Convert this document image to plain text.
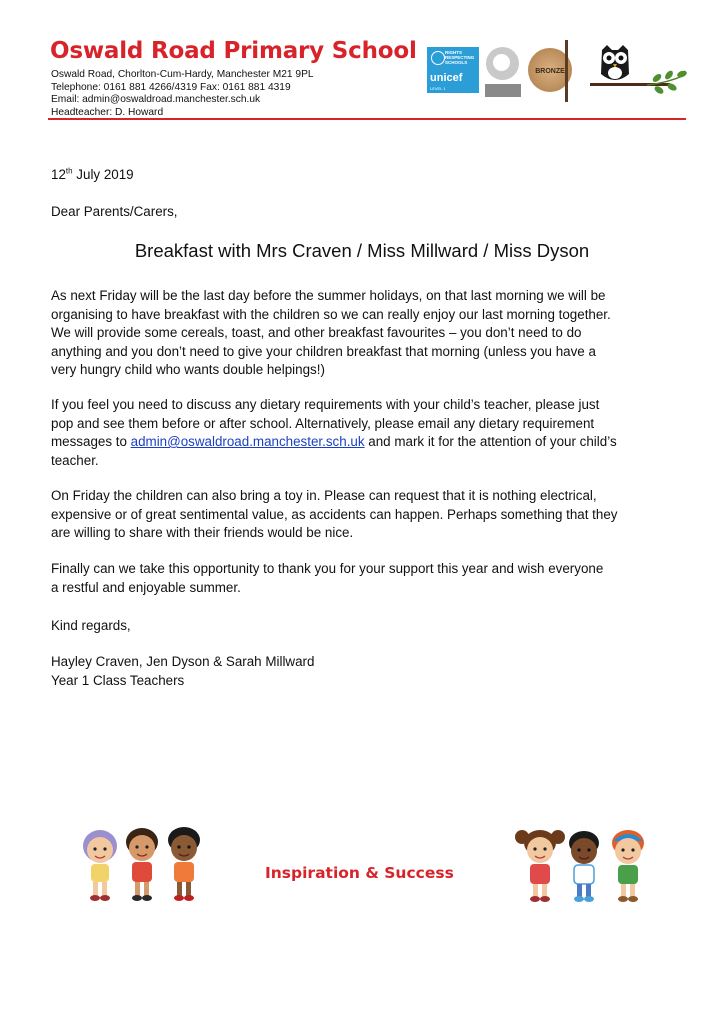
Oswald Road Primary School
Oswald Road, Chorlton-Cum-Hardy, Manchester M21 9PL
Telephone: 0161 881 4266/4319 Fax: 0161 881 4319
Email: admin@oswaldroad.manchester.sch.uk
Headteacher: D. Howard
RIGHTS RESPECTING SCHOOLS
unicef
LEVEL 1
BRONZE
12th July 2019
Dear Parents/Carers,
Breakfast with Mrs Craven / Miss Millward / Miss Dyson
As next Friday will be the last day before the summer holidays, on that last morning we will be
organising to have breakfast with the children so we can really enjoy our last morning together.
We will provide some cereals, toast, and other breakfast favourites – you don’t need to do
anything and you don’t need to give your children breakfast that morning (unless you have a
very hungry child who wants double helpings!)
If you feel you need to discuss any dietary requirements with your child’s teacher, please just
pop and see them before or after school. Alternatively, please email any dietary requirement
messages to admin@oswaldroad.manchester.sch.uk and mark it for the attention of your child’s
teacher.
On Friday the children can also bring a toy in. Please can request that it is nothing electrical,
expensive or of great sentimental value, as accidents can happen. Perhaps something that they
are willing to share with their friends would be nice.
Finally can we take this opportunity to thank you for your support this year and wish everyone
a restful and enjoyable summer.
Kind regards,
Hayley Craven, Jen Dyson & Sarah Millward
Year 1 Class Teachers
Inspiration & Success
